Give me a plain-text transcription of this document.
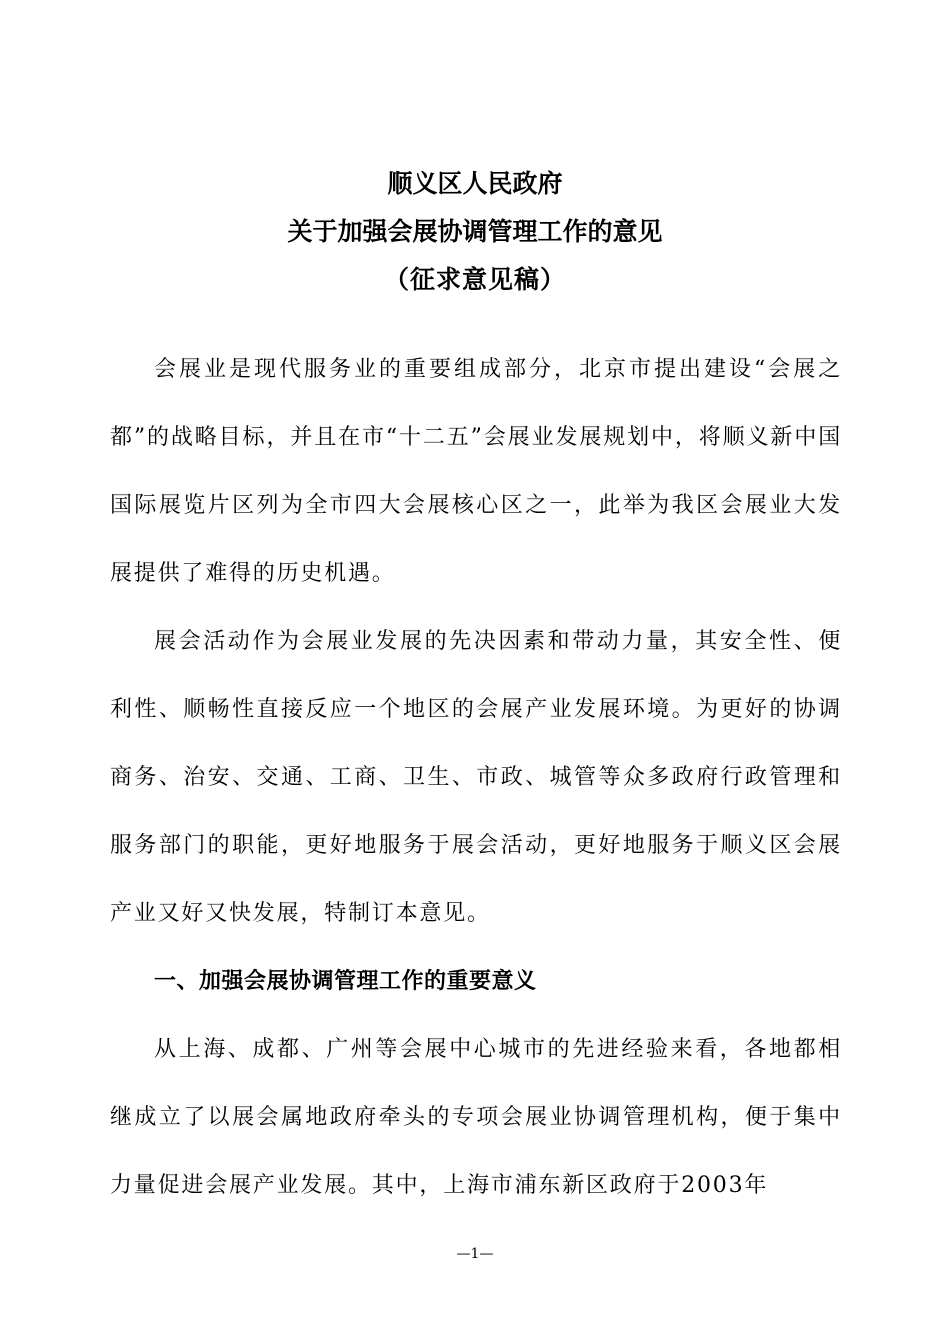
顺义区人民政府
关于加强会展协调管理工作的意见
（征求意见稿）

会展业是现代服务业的重要组成部分，北京市提出建设“会展之都”的战略目标，并且在市“十二五”会展业发展规划中，将顺义新中国国际展览片区列为全市四大会展核心区之一，此举为我区会展业大发展提供了难得的历史机遇。

展会活动作为会展业发展的先决因素和带动力量，其安全性、便利性、顺畅性直接反应一个地区的会展产业发展环境。为更好的协调商务、治安、交通、工商、卫生、市政、城管等众多政府行政管理和服务部门的职能，更好地服务于展会活动，更好地服务于顺义区会展产业又好又快发展，特制订本意见。

一、加强会展协调管理工作的重要意义

从上海、成都、广州等会展中心城市的先进经验来看，各地都相继成立了以展会属地政府牵头的专项会展业协调管理机构，便于集中力量促进会展产业发展。其中，上海市浦东新区政府于2003年

—1—
